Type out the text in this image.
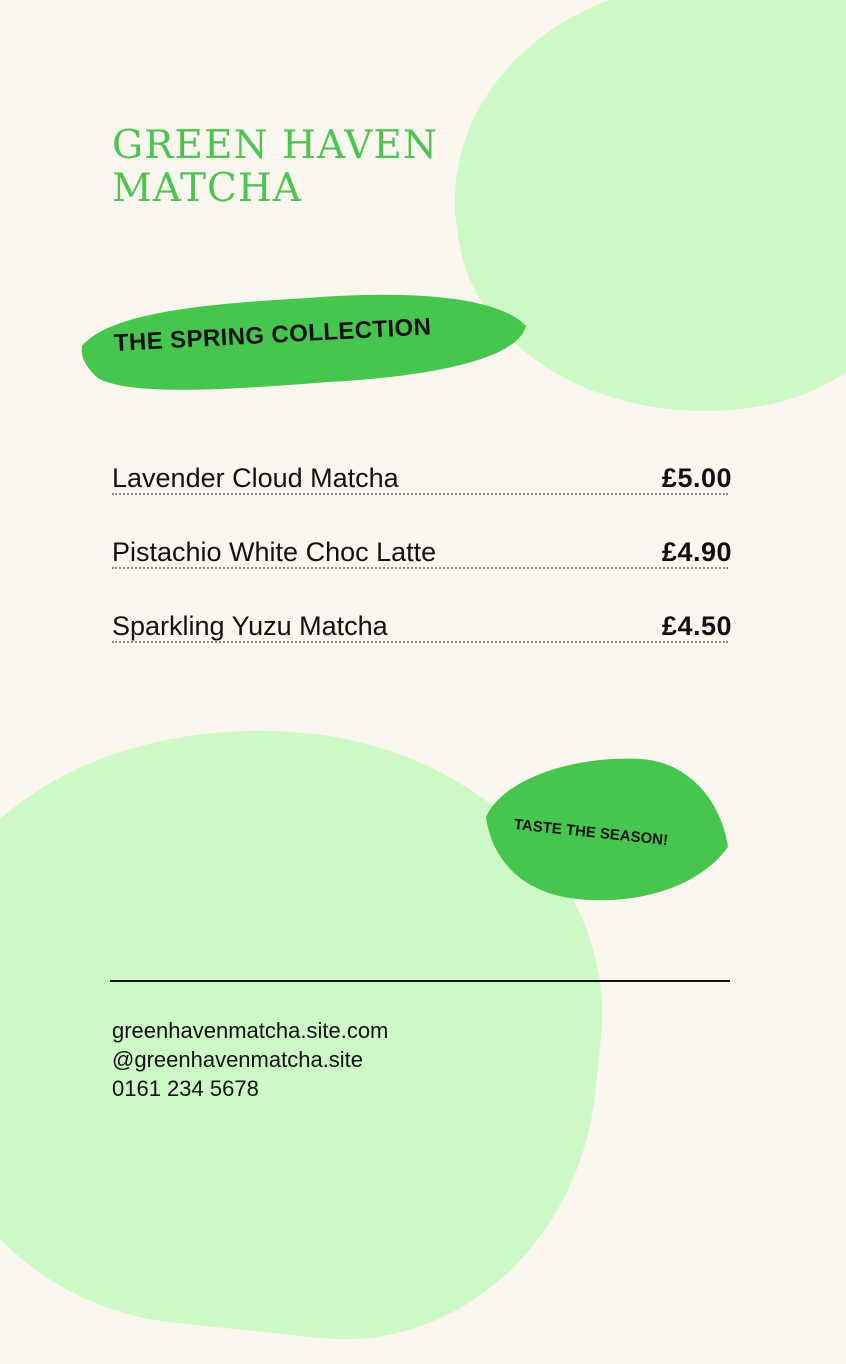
GREEN HAVEN
MATCHA
THE SPRING COLLECTION
Lavender Cloud Matcha	£5.00
Pistachio White Choc Latte	£4.90
Sparkling Yuzu Matcha	£4.50
TASTE THE SEASON!
greenhavenmatcha.site.com
@greenhavenmatcha.site
0161 234 5678
